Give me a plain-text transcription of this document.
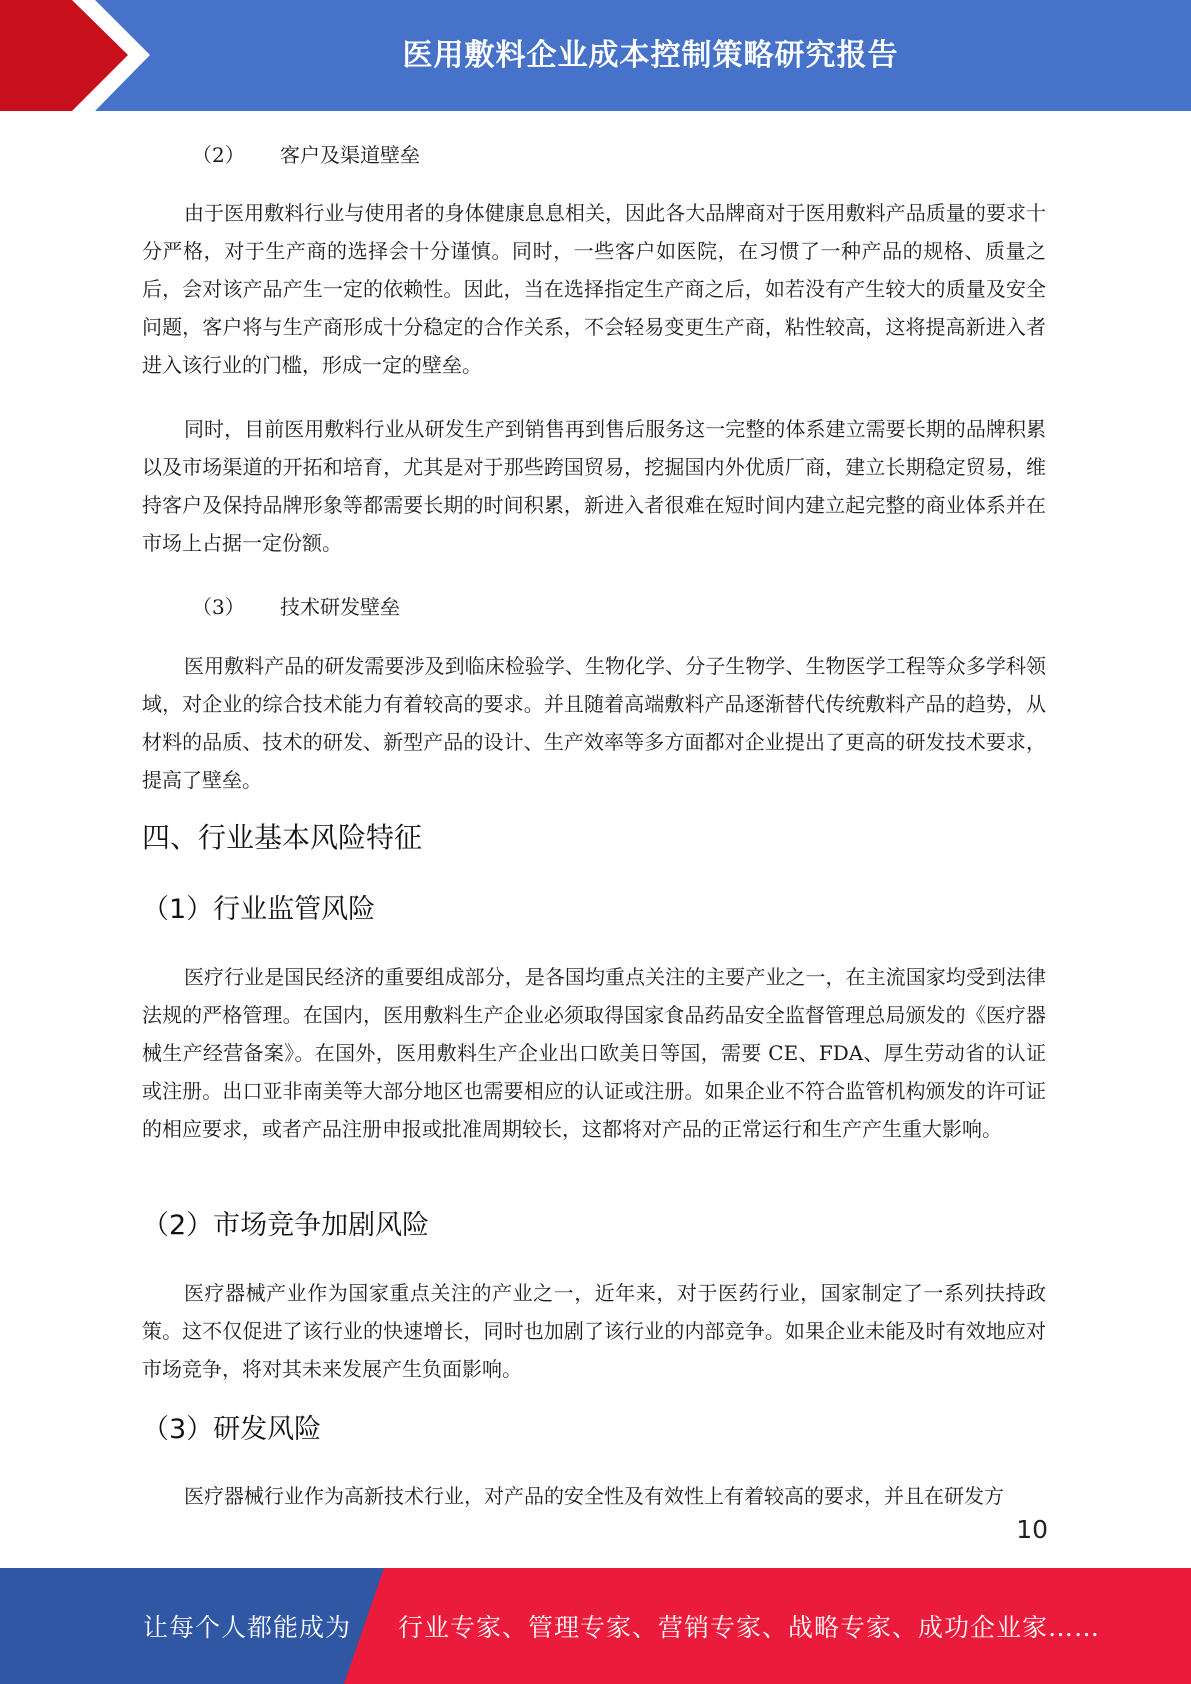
医用敷料企业成本控制策略研究报告
（2） 客户及渠道壁垒

由于医用敷料行业与使用者的身体健康息息相关，因此各大品牌商对于医用敷料产品质量的要求十分严格，对于生产商的选择会十分谨慎。同时，一些客户如医院，在习惯了一种产品的规格、质量之后，会对该产品产生一定的依赖性。因此，当在选择指定生产商之后，如若没有产生较大的质量及安全问题，客户将与生产商形成十分稳定的合作关系，不会轻易变更生产商，粘性较高，这将提高新进入者进入该行业的门槛，形成一定的壁垒。

同时，目前医用敷料行业从研发生产到销售再到售后服务这一完整的体系建立需要长期的品牌积累以及市场渠道的开拓和培育，尤其是对于那些跨国贸易，挖掘国内外优质厂商，建立长期稳定贸易，维持客户及保持品牌形象等都需要长期的时间积累，新进入者很难在短时间内建立起完整的商业体系并在市场上占据一定份额。

（3） 技术研发壁垒

医用敷料产品的研发需要涉及到临床检验学、生物化学、分子生物学、生物医学工程等众多学科领域，对企业的综合技术能力有着较高的要求。并且随着高端敷料产品逐渐替代传统敷料产品的趋势，从材料的品质、技术的研发、新型产品的设计、生产效率等多方面都对企业提出了更高的研发技术要求，提高了壁垒。

四、行业基本风险特征
（1）行业监管风险

医疗行业是国民经济的重要组成部分，是各国均重点关注的主要产业之一，在主流国家均受到法律法规的严格管理。在国内，医用敷料生产企业必须取得国家食品药品安全监督管理总局颁发的《医疗器械生产经营备案》。在国外，医用敷料生产企业出口欧美日等国，需要 CE、FDA、厚生劳动省的认证或注册。出口亚非南美等大部分地区也需要相应的认证或注册。如果企业不符合监管机构颁发的许可证的相应要求，或者产品注册申报或批准周期较长，这都将对产品的正常运行和生产产生重大影响。

（2）市场竞争加剧风险

医疗器械产业作为国家重点关注的产业之一，近年来，对于医药行业，国家制定了一系列扶持政策。这不仅促进了该行业的快速增长，同时也加剧了该行业的内部竞争。如果企业未能及时有效地应对市场竞争，将对其未来发展产生负面影响。

（3）研发风险

医疗器械行业作为高新技术行业，对产品的安全性及有效性上有着较高的要求，并且在研发方

10
让每个人都能成为 行业专家、管理专家、营销专家、战略专家、成功企业家……
